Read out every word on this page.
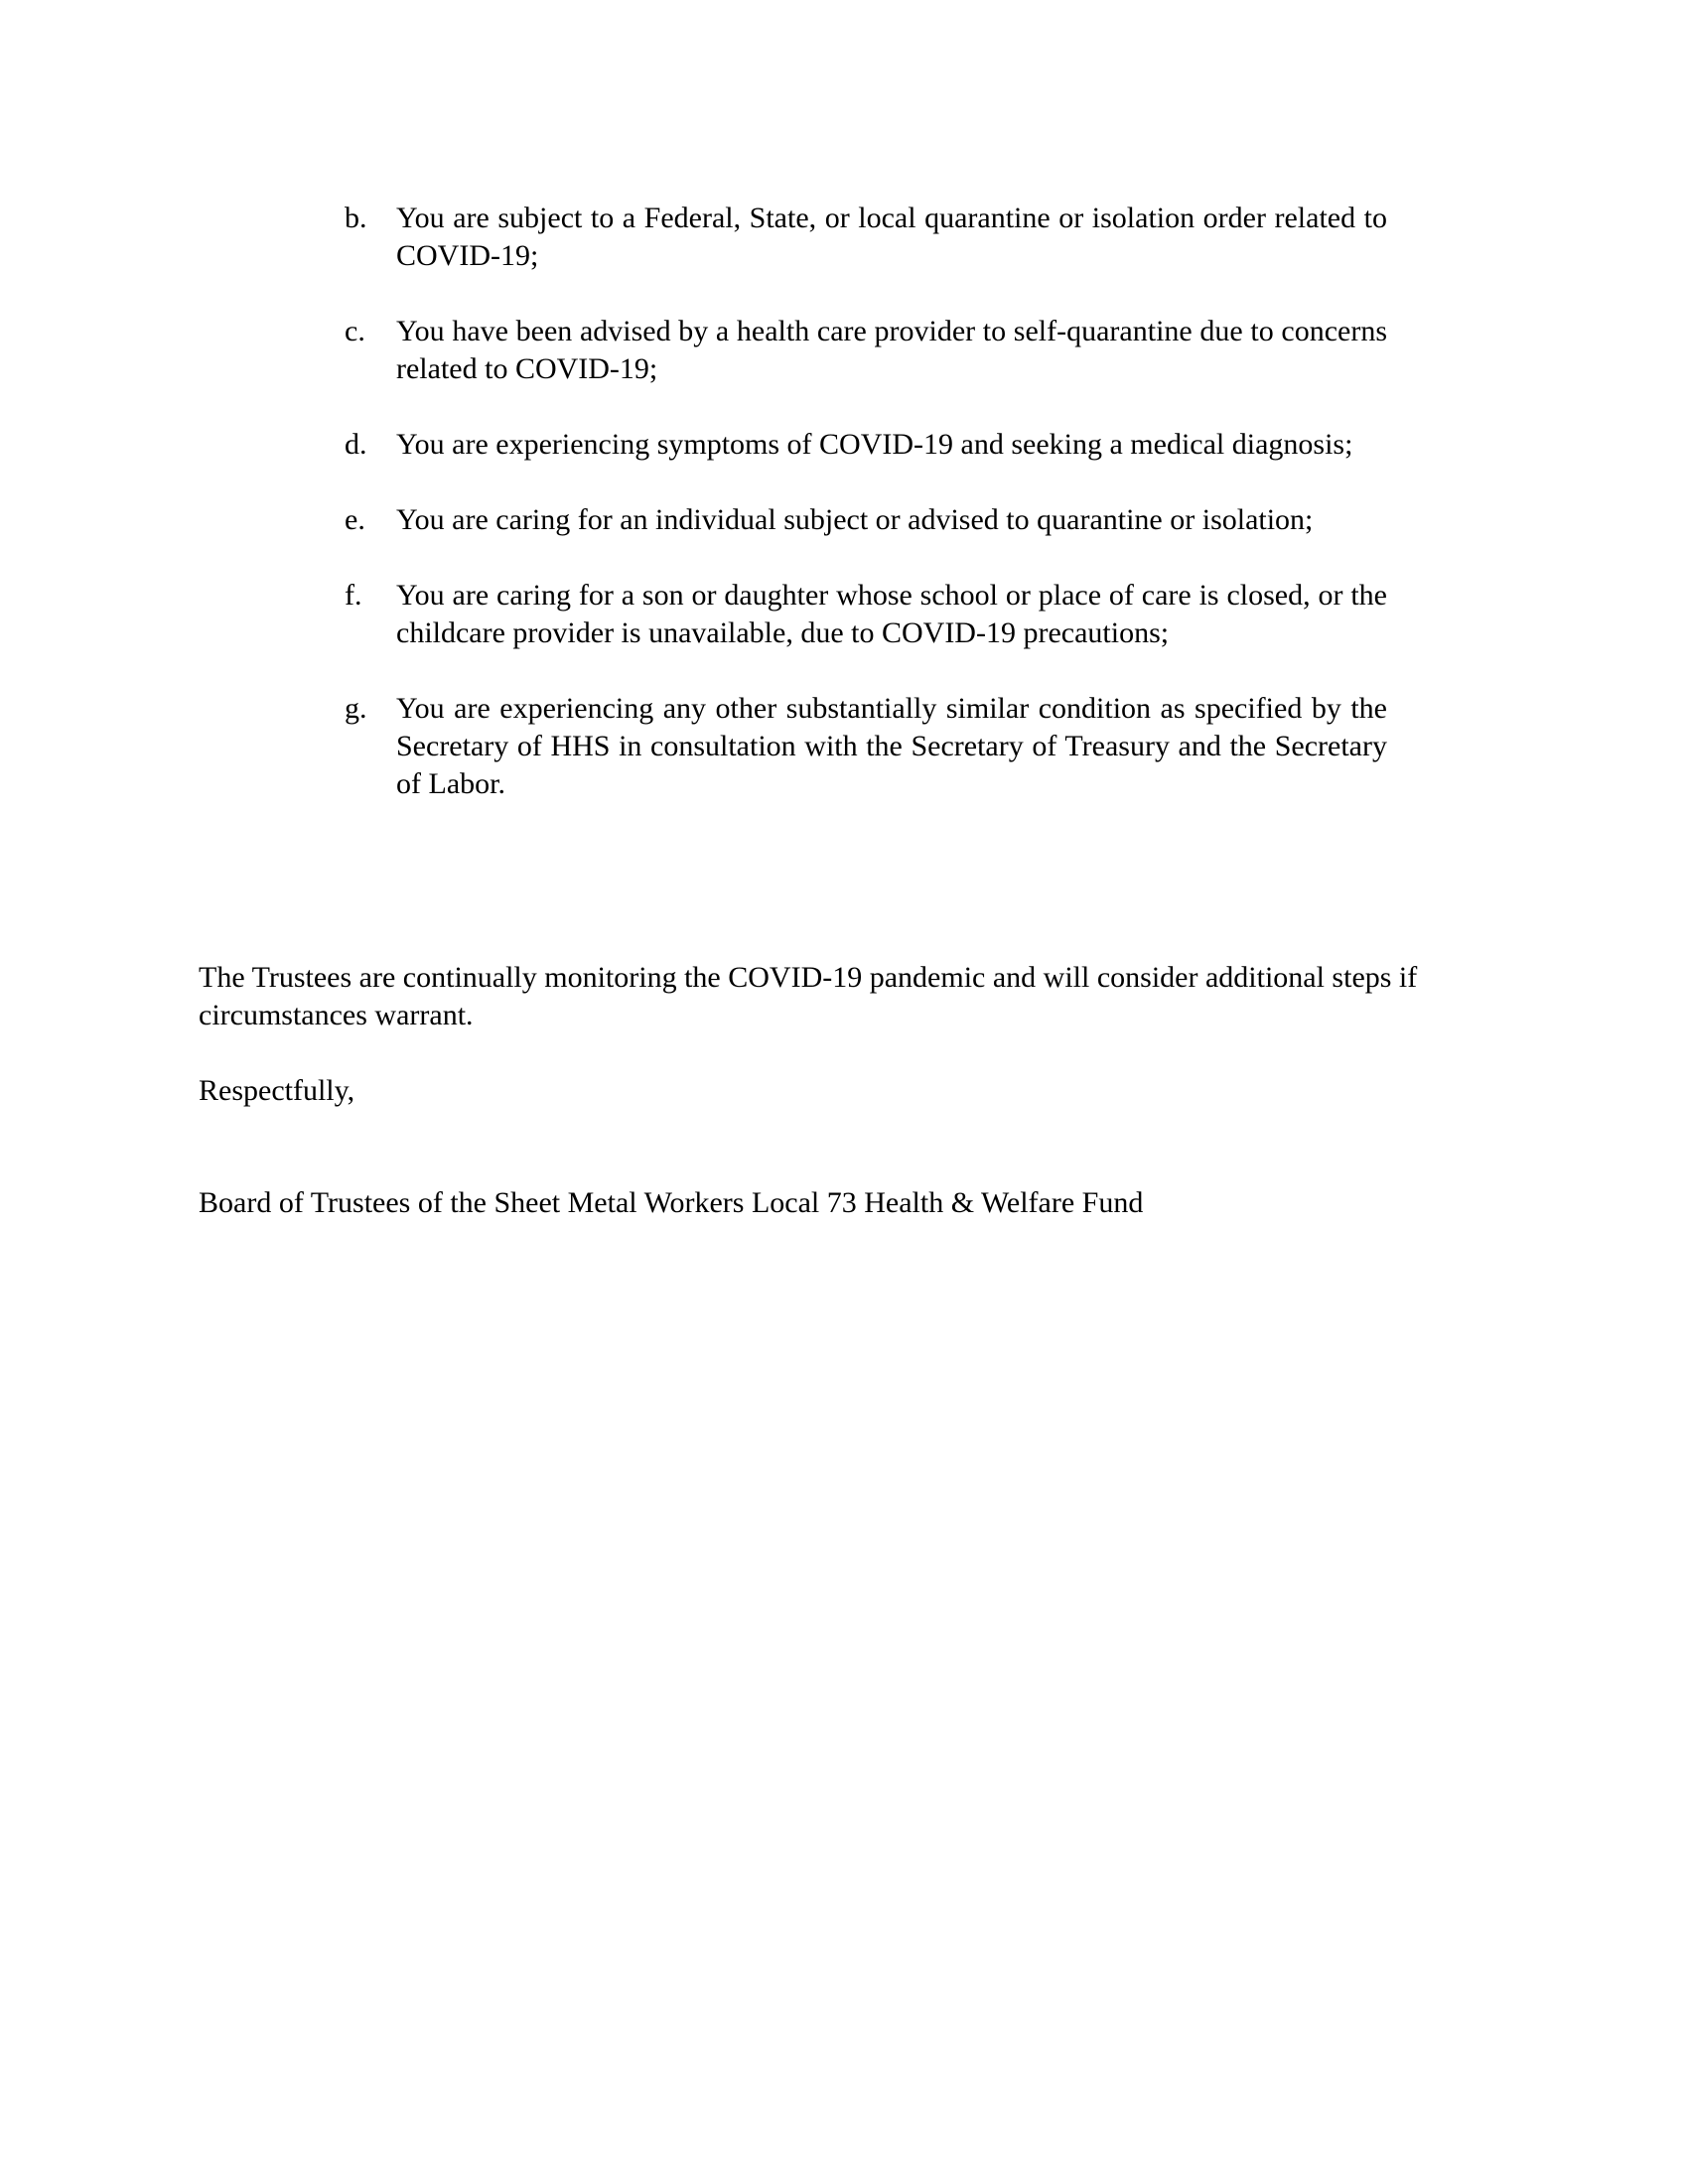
b. You are subject to a Federal, State, or local quarantine or isolation order related to COVID-19;
c. You have been advised by a health care provider to self-quarantine due to concerns related to COVID-19;
d. You are experiencing symptoms of COVID-19 and seeking a medical diagnosis;
e. You are caring for an individual subject or advised to quarantine or isolation;
f. You are caring for a son or daughter whose school or place of care is closed, or the childcare provider is unavailable, due to COVID-19 precautions;
g. You are experiencing any other substantially similar condition as specified by the Secretary of HHS in consultation with the Secretary of Treasury and the Secretary of Labor.

The Trustees are continually monitoring the COVID-19 pandemic and will consider additional steps if circumstances warrant.

Respectfully,

Board of Trustees of the Sheet Metal Workers Local 73 Health & Welfare Fund
